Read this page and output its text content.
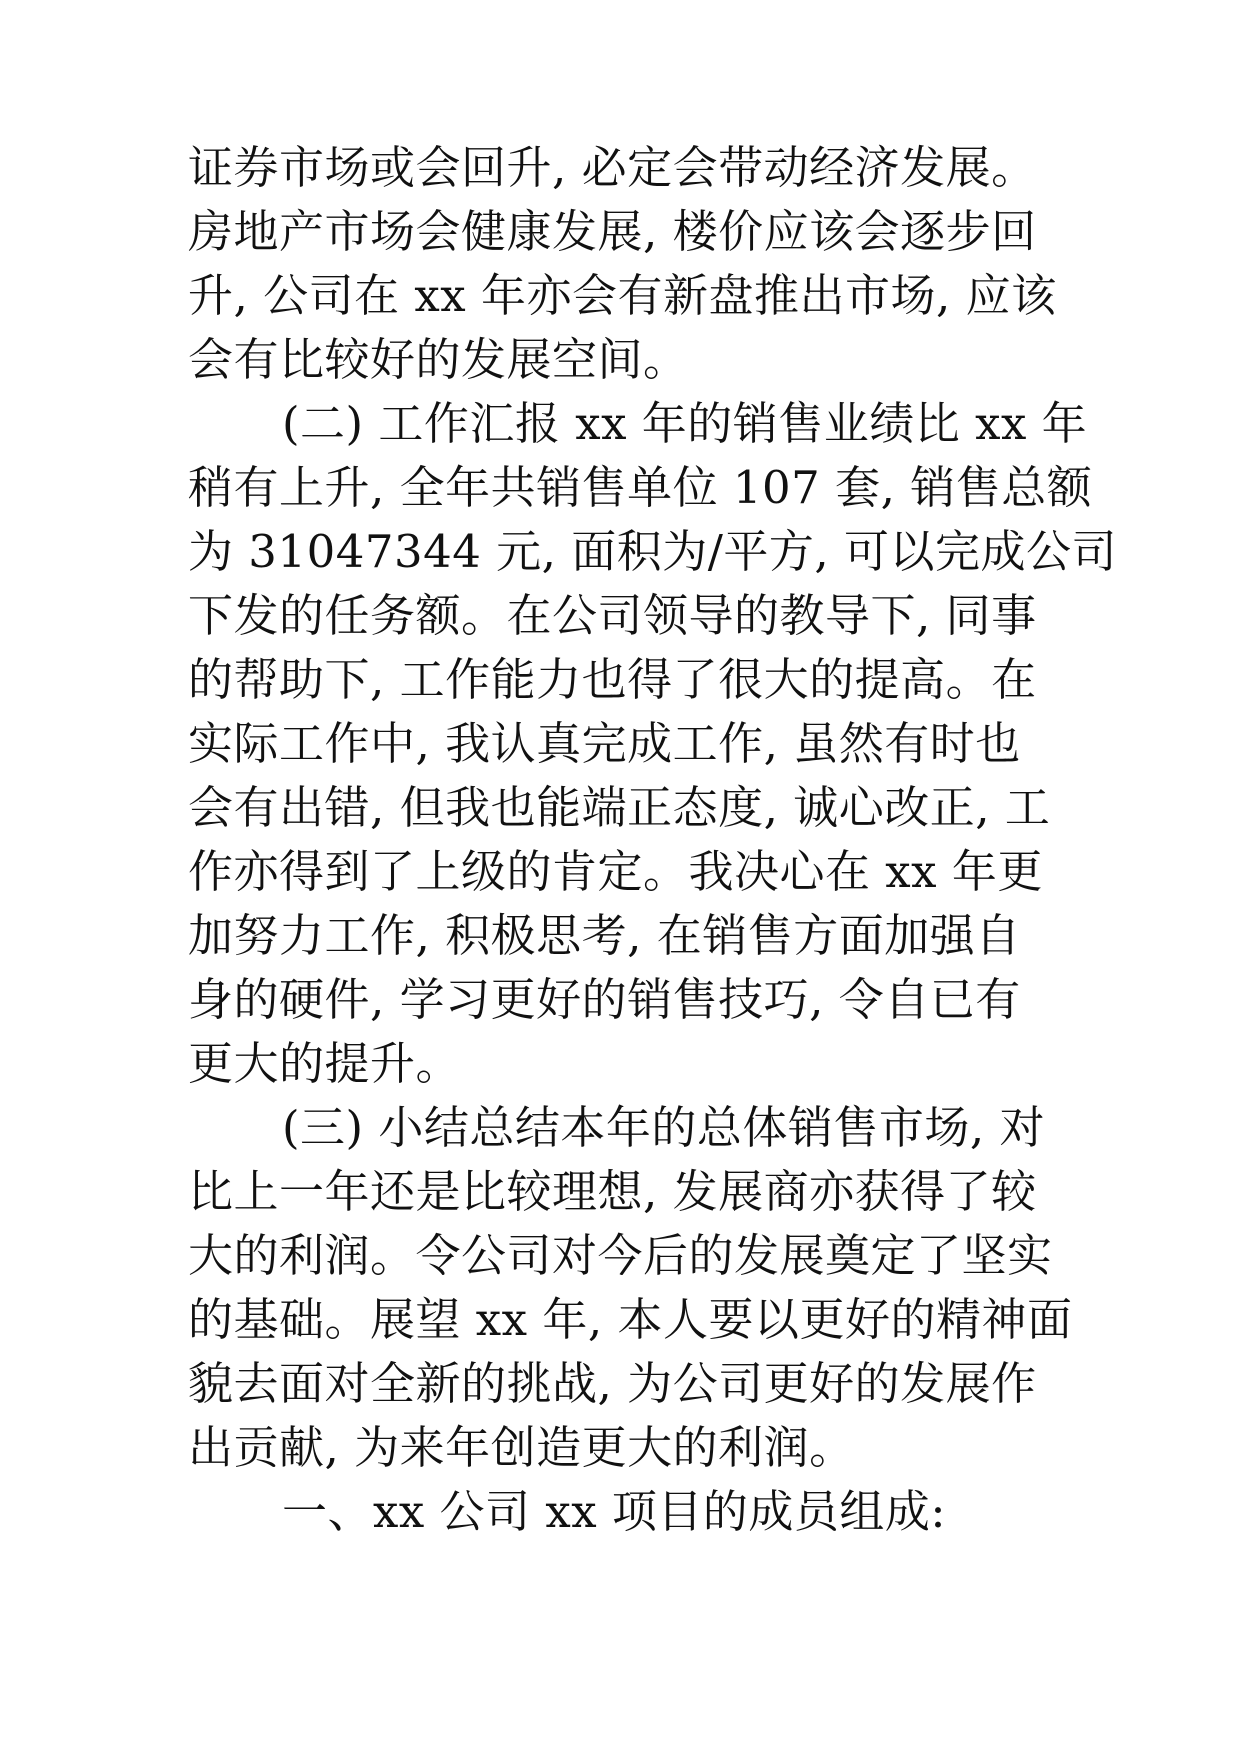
证券市场或会回升, 必定会带动经济发展。
房地产市场会健康发展, 楼价应该会逐步回
升, 公司在 xx 年亦会有新盘推出市场, 应该
会有比较好的发展空间。
(二) 工作汇报 xx 年的销售业绩比 xx 年
稍有上升, 全年共销售单位 107 套, 销售总额
为 31047344 元, 面积为/平方, 可以完成公司
下发的任务额。在公司领导的教导下, 同事
的帮助下, 工作能力也得了很大的提高。在
实际工作中, 我认真完成工作, 虽然有时也
会有出错, 但我也能端正态度, 诚心改正, 工
作亦得到了上级的肯定。我决心在 xx 年更
加努力工作, 积极思考, 在销售方面加强自
身的硬件, 学习更好的销售技巧, 令自已有
更大的提升。
(三) 小结总结本年的总体销售市场, 对
比上一年还是比较理想, 发展商亦获得了较
大的利润。令公司对今后的发展奠定了坚实
的基础。展望 xx 年, 本人要以更好的精神面
貌去面对全新的挑战, 为公司更好的发展作
出贡献, 为来年创造更大的利润。
一、xx 公司 xx 项目的成员组成:
